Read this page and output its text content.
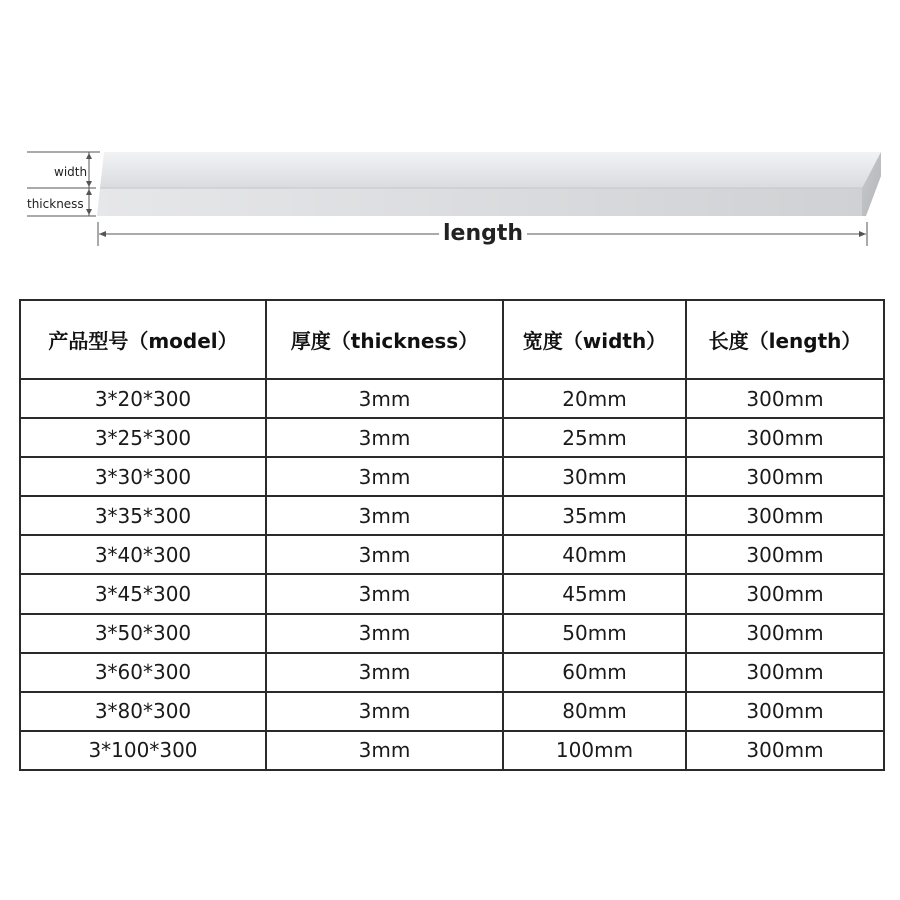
width
thickness
length
产品型号（model）	厚度（thickness）	宽度（width）	长度（length）
3*20*300	3mm	20mm	300mm
3*25*300	3mm	25mm	300mm
3*30*300	3mm	30mm	300mm
3*35*300	3mm	35mm	300mm
3*40*300	3mm	40mm	300mm
3*45*300	3mm	45mm	300mm
3*50*300	3mm	50mm	300mm
3*60*300	3mm	60mm	300mm
3*80*300	3mm	80mm	300mm
3*100*300	3mm	100mm	300mm
